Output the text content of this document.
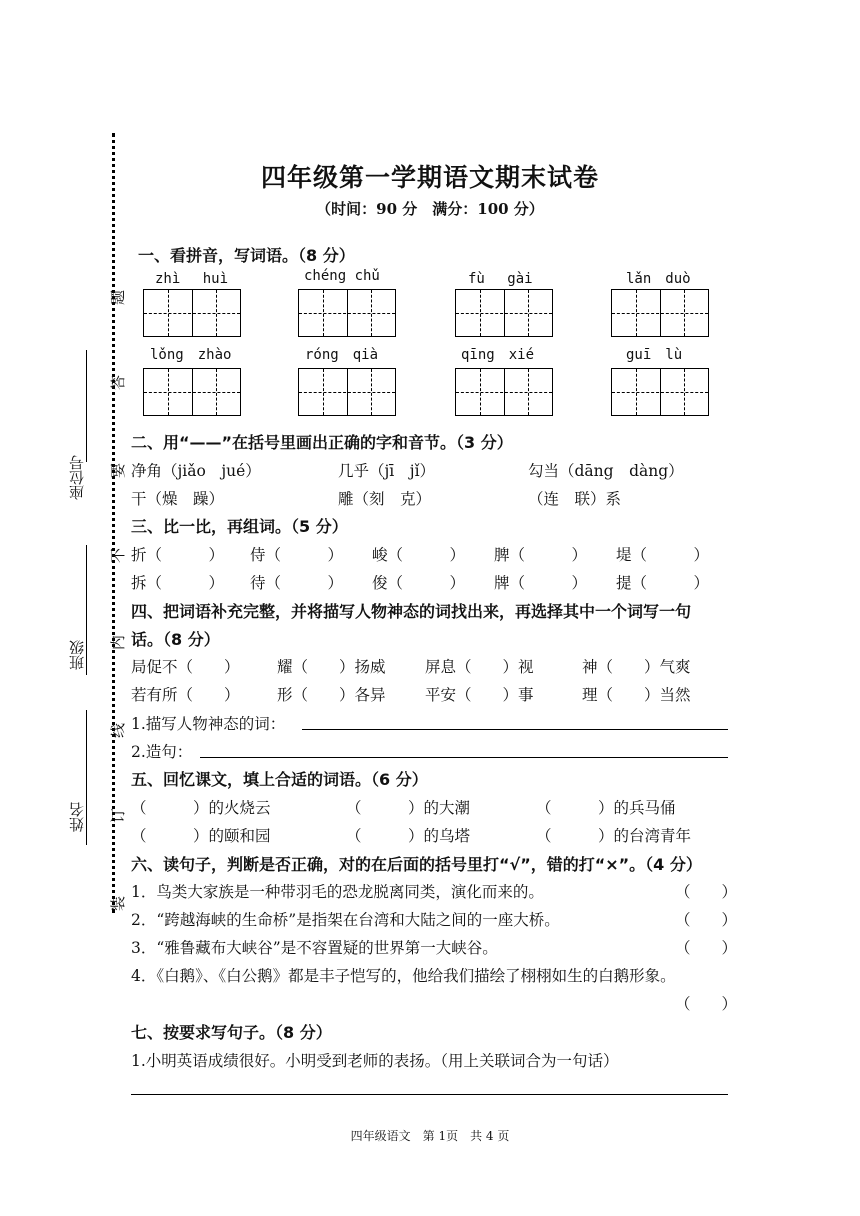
题
答
要
不
内
线
订
装
座位号
班级
姓名
四年级第一学期语文期末试卷
（时间：90 分　满分：100 分）
一、看拼音，写词语。（8 分）
zhì　 huì	chéng chǔ	fù　 gài	lǎn　duò
lǒng　zhào	róng　qià	qīng　xié	guī　lù
二、用“——”在括号里画出正确的字和音节。（3 分）
净角（jiǎo　jué）	几乎（jī　jǐ）	勾当（dāng　dàng）
干（燥　躁）	雕（刻　克）	（连　联）系
三、比一比，再组词。（5 分）
折（　　　） 侍（　　　） 峻（　　　） 脾（　　　） 堤（　　　）
拆（　　　） 待（　　　） 俊（　　　） 牌（　　　） 提（　　　）
四、把词语补充完整，并将描写人物神态的词找出来，再选择其中一个词写一句
话。（8 分）
局促不（　　） 耀（　　）扬威	屏息（　　）视	神（　　）气爽
若有所（　　） 形（　　）各异	平安（　　）事	理（　　）当然
1.描写人物神态的词：
2.造句：
五、回忆课文，填上合适的词语。（6 分）
（　　　）的火烧云	（　　　）的大潮	（　　　）的兵马俑
（　　　）的颐和园	（　　　）的乌塔	（　　　）的台湾青年
六、读句子，判断是否正确，对的在后面的括号里打“√”，错的打“×”。（4 分）
1．鸟类大家族是一种带羽毛的恐龙脱离同类，演化而来的。	（　　）
2．“跨越海峡的生命桥”是指架在台湾和大陆之间的一座大桥。	（　　）
3．“雅鲁藏布大峡谷”是不容置疑的世界第一大峡谷。	（　　）
4．《白鹅》、《白公鹅》都是丰子恺写的，他给我们描绘了栩栩如生的白鹅形象。
（　　）
七、按要求写句子。（8 分）
1.小明英语成绩很好。小明受到老师的表扬。（用上关联词合为一句话）
四年级语文　第 1页　共 4 页
